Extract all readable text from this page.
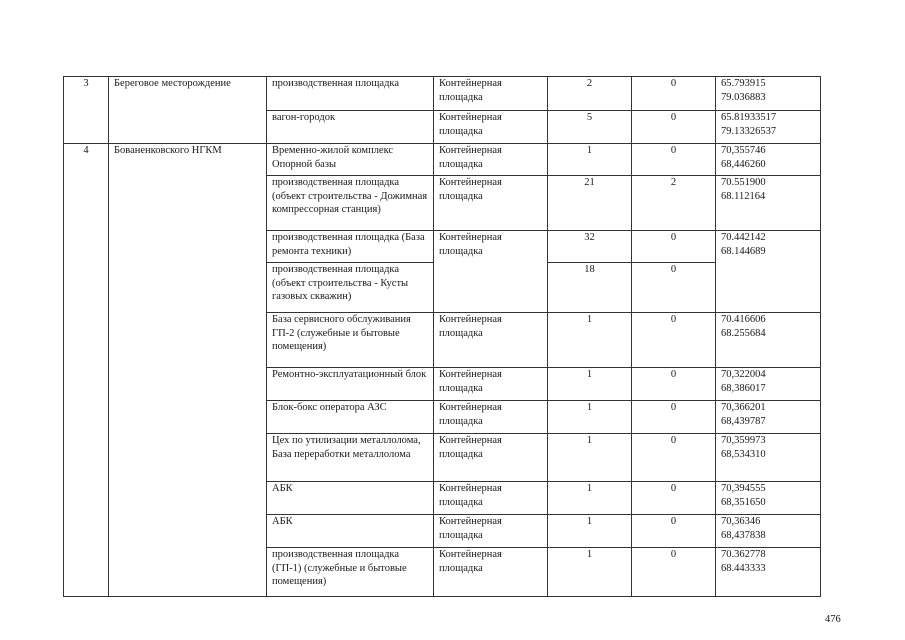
3	Береговое месторождение	производственная площадка	Контейнерная площадка	2	0	65.793915
79.036883

		вагон-городок	Контейнерная площадка	5	0	65.81933517
79.13326537

4	Бованенковского НГКМ	Временно-жилой комплекс Опорной базы	Контейнерная площадка	1	0	70,355746
68,446260

		производственная площадка (объект строительства - Дожимная компрессорная станция)	Контейнерная площадка	21	2	70.551900
68.112164

		производственная площадка (База ремонта техники)	Контейнерная площадка	32	0	70.442142
68.144689

		производственная площадка (объект строительства - Кусты газовых скважин)		18	0	

		База сервисного обслуживания ГП-2 (служебные и бытовые помещения)	Контейнерная площадка	1	0	70.416606
68.255684

		Ремонтно-эксплуатационный блок	Контейнерная площадка	1	0	70,322004
68,386017

		Блок-бокс оператора АЗС	Контейнерная площадка	1	0	70,366201
68,439787

		Цех по утилизации металлолома, База переработки металлолома	Контейнерная площадка	1	0	70,359973
68,534310

		АБК	Контейнерная площадка	1	0	70,394555
68,351650

		АБК	Контейнерная площадка	1	0	70,36346
68,437838

		производственная площадка (ГП-1) (служебные и бытовые помещения)	Контейнерная площадка	1	0	70.362778
68.443333
476
